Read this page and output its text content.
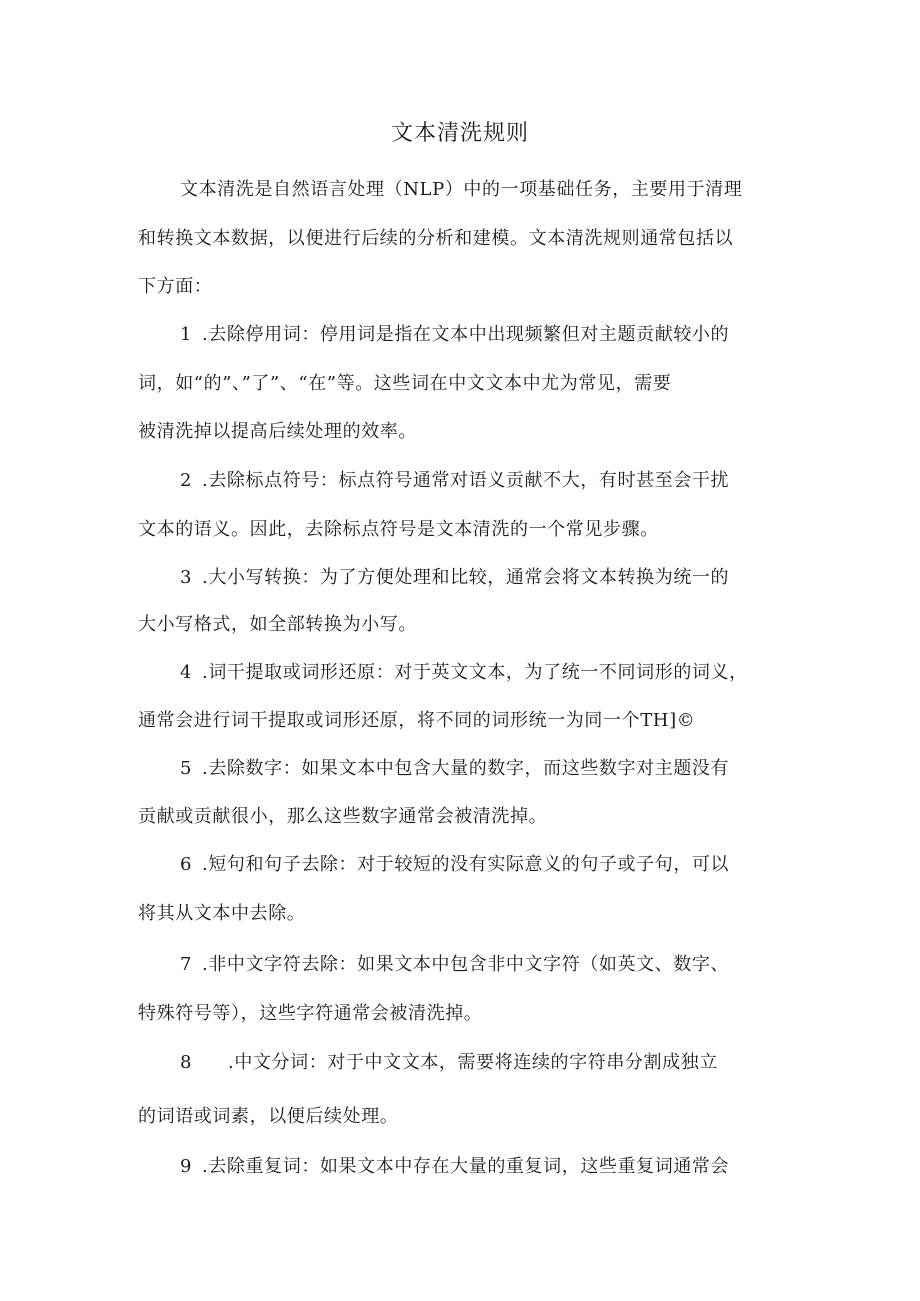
文本清洗规则
文本清洗是自然语言处理（NLP）中的一项基础任务，主要用于清理
和转换文本数据，以便进行后续的分析和建模。文本清洗规则通常包括以
下方面：
1 .去除停用词：停用词是指在文本中出现频繁但对主题贡献较小的
词，如“的”、”了”、“在”等。这些词在中文文本中尤为常见，需要
被清洗掉以提高后续处理的效率。
2 .去除标点符号：标点符号通常对语义贡献不大，有时甚至会干扰
文本的语义。因此，去除标点符号是文本清洗的一个常见步骤。
3 .大小写转换：为了方便处理和比较，通常会将文本转换为统一的
大小写格式，如全部转换为小写。
4 .词干提取或词形还原：对于英文文本，为了统一不同词形的词义，
通常会进行词干提取或词形还原，将不同的词形统一为同一个TH]©
5 .去除数字：如果文本中包含大量的数字，而这些数字对主题没有
贡献或贡献很小，那么这些数字通常会被清洗掉。
6 .短句和句子去除：对于较短的没有实际意义的句子或子句，可以
将其从文本中去除。
7 .非中文字符去除：如果文本中包含非中文字符（如英文、数字、
特殊符号等），这些字符通常会被清洗掉。
8 .中文分词：对于中文文本，需要将连续的字符串分割成独立
的词语或词素，以便后续处理。
9 .去除重复词：如果文本中存在大量的重复词，这些重复词通常会
